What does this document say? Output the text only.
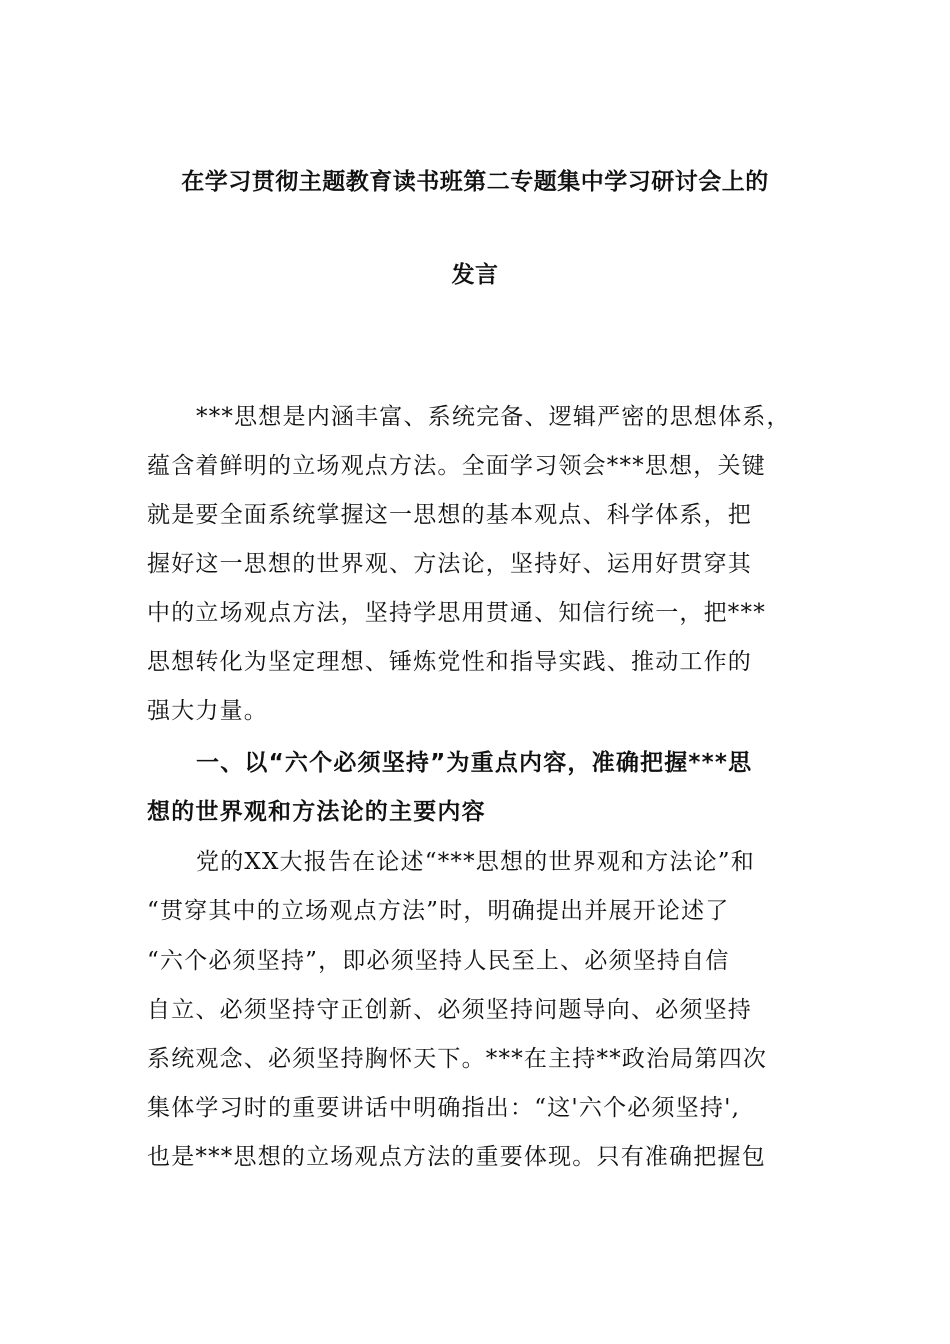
在学习贯彻主题教育读书班第二专题集中学习研讨会上的
发言
***思想是内涵丰富、系统完备、逻辑严密的思想体系，
蕴含着鲜明的立场观点方法。全面学习领会***思想，关键
就是要全面系统掌握这一思想的基本观点、科学体系，把
握好这一思想的世界观、方法论，坚持好、运用好贯穿其
中的立场观点方法，坚持学思用贯通、知信行统一，把***
思想转化为坚定理想、锤炼党性和指导实践、推动工作的
强大力量。
一、以“六个必须坚持”为重点内容，准确把握***思
想的世界观和方法论的主要内容
党的XX大报告在论述“***思想的世界观和方法论”和
“贯穿其中的立场观点方法”时，明确提出并展开论述了
“六个必须坚持”，即必须坚持人民至上、必须坚持自信
自立、必须坚持守正创新、必须坚持问题导向、必须坚持
系统观念、必须坚持胸怀天下。***在主持**政治局第四次
集体学习时的重要讲话中明确指出：“这'六个必须坚持',
也是***思想的立场观点方法的重要体现。只有准确把握包
